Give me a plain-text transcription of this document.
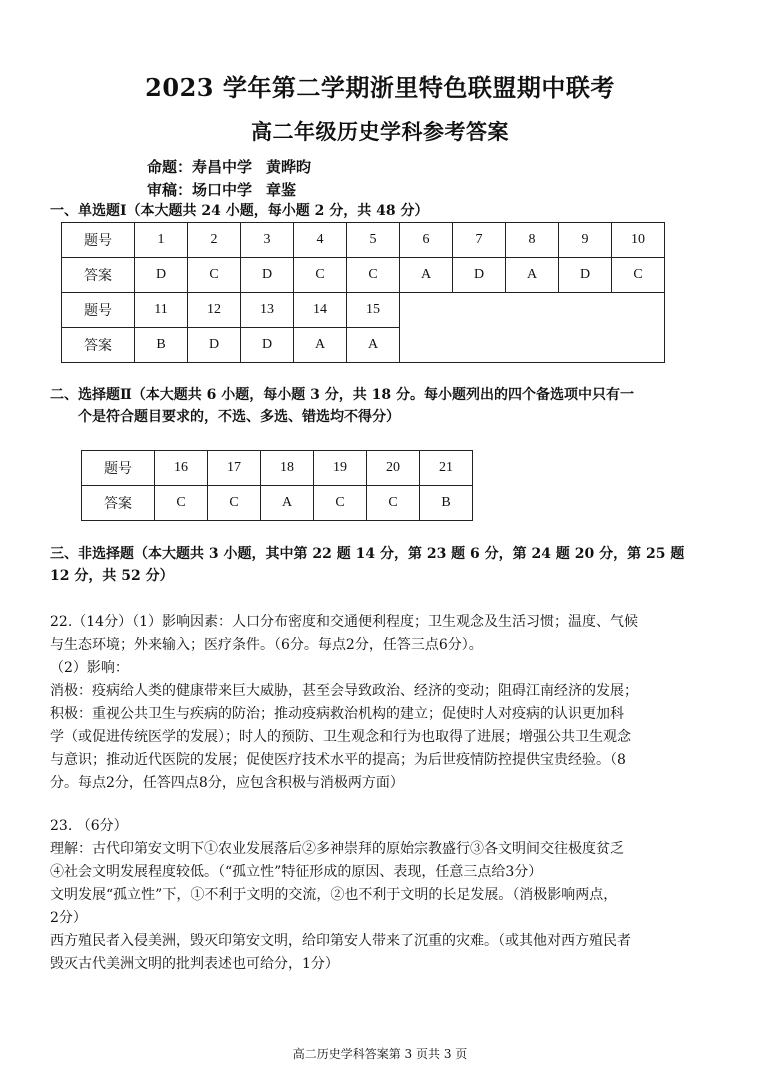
2023 学年第二学期浙里特色联盟期中联考
高二年级历史学科参考答案
命题：寿昌中学 黄晔昀
审稿：场口中学 章鉴
一、单选题Ⅰ（本大题共 24 小题，每小题 2 分，共 48 分）
题号	1	2	3	4	5	6	7	8	9	10
答案	D	C	D	C	C	A	D	A	D	C
题号	11	12	13	14	15					
答案	B	D	D	A	A					
二、选择题Ⅱ（本大题共 6 小题，每小题 3 分，共 18 分。每小题列出的四个备选项中只有一
个是符合题目要求的，不选、多选、错选均不得分）
题号	16	17	18	19	20	21
答案	C	C	A	C	C	B
三、非选择题（本大题共 3 小题，其中第 22 题 14 分，第 23 题 6 分，第 24 题 20 分，第 25 题
12 分，共 52 分）

22.（14分）（1）影响因素：人口分布密度和交通便利程度；卫生观念及生活习惯；温度、气候

与生态环境；外来输入；医疗条件。（6分。每点2分，任答三点6分）。

（2）影响：

消极：疫病给人类的健康带来巨大威胁，甚至会导致政治、经济的变动；阻碍江南经济的发展；

积极：重视公共卫生与疾病的防治；推动疫病救治机构的建立；促使时人对疫病的认识更加科

学（或促进传统医学的发展）；时人的预防、卫生观念和行为也取得了进展；增强公共卫生观念

与意识；推动近代医院的发展；促使医疗技术水平的提高；为后世疫情防控提供宝贵经验。（8

分。每点2分，任答四点8分，应包含积极与消极两方面）

23. （6分）

理解：古代印第安文明下①农业发展落后②多神崇拜的原始宗教盛行③各文明间交往极度贫乏

④社会文明发展程度较低。（“孤立性”特征形成的原因、表现，任意三点给3分）

文明发展“孤立性”下，①不利于文明的交流，②也不利于文明的长足发展。（消极影响两点，

2分）

西方殖民者入侵美洲，毁灭印第安文明，给印第安人带来了沉重的灾难。（或其他对西方殖民者

毁灭古代美洲文明的批判表述也可给分，1分）

高二历史学科答案第 3 页共 3 页
